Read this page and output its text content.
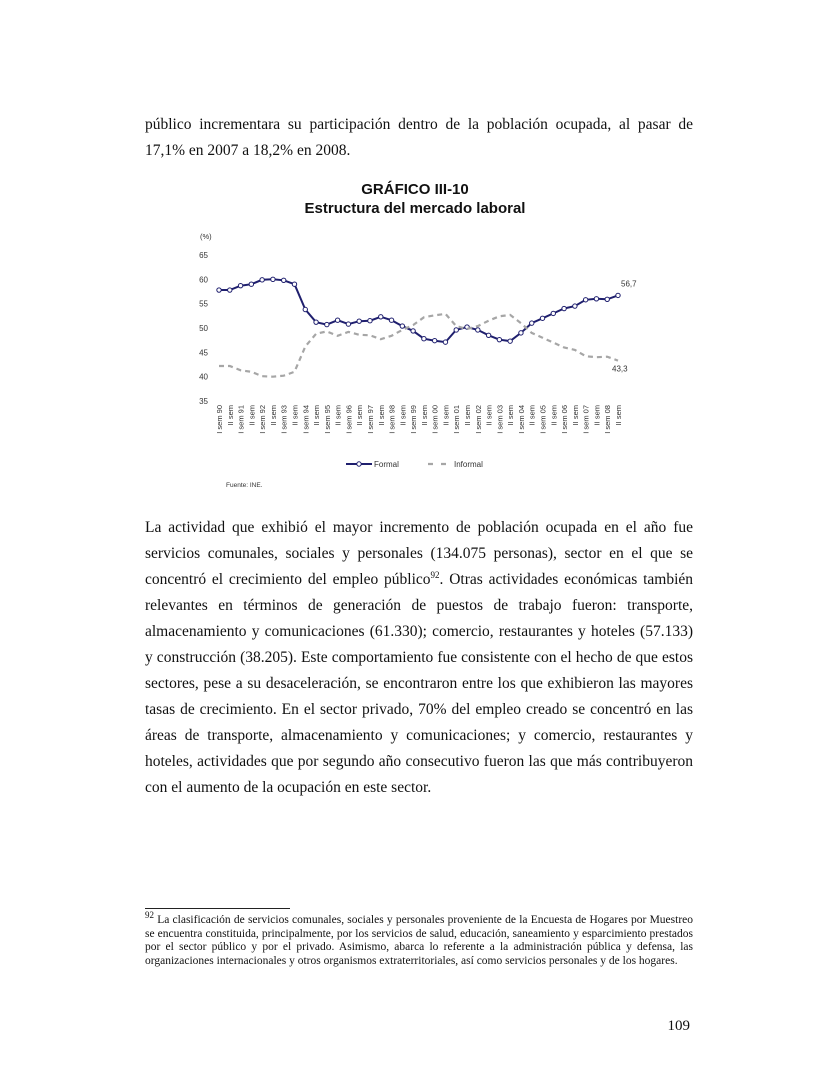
público incrementara su participación dentro de la población ocupada, al pasar de 17,1% en 2007 a 18,2% en 2008.

GRÁFICO III-10
Estructura del mercado laboral
(%)
35
40
45
50
55
60
65
I sem 90 II sem I sem 91 II sem I sem 92 II sem I sem 93 II sem I sem 94 II sem I sem 95 II sem I sem 96 II sem I sem 97 II sem I sem 98 II sem I sem 99 II sem I sem 00 II sem I sem 01 II sem I sem 02 II sem I sem 03 II sem I sem 04 II sem I sem 05 II sem I sem 06 II sem I sem 07 II sem I sem 08 II sem
56,7
43,3
Formal	Informal
Fuente: INE.

La actividad que exhibió el mayor incremento de población ocupada en el año fue servicios comunales, sociales y personales (134.075 personas), sector en el que se concentró el crecimiento del empleo público$^{92}$. Otras actividades económicas también relevantes en términos de generación de puestos de trabajo fueron: transporte, almacenamiento y comunicaciones (61.330); comercio, restaurantes y hoteles (57.133) y construcción (38.205). Este comportamiento fue consistente con el hecho de que estos sectores, pese a su desaceleración, se encontraron entre los que exhibieron las mayores tasas de crecimiento. En el sector privado, 70% del empleo creado se concentró en las áreas de transporte, almacenamiento y comunicaciones; y comercio, restaurantes y hoteles, actividades que por segundo año consecutivo fueron las que más contribuyeron con el aumento de la ocupación en este sector.

$^{92}$ La clasificación de servicios comunales, sociales y personales proveniente de la Encuesta de Hogares por Muestreo se encuentra constituida, principalmente, por los servicios de salud, educación, saneamiento y esparcimiento prestados por el sector público y por el privado. Asimismo, abarca lo referente a la administración pública y defensa, las organizaciones internacionales y otros organismos extraterritoriales, así como servicios personales y de los hogares.

109
